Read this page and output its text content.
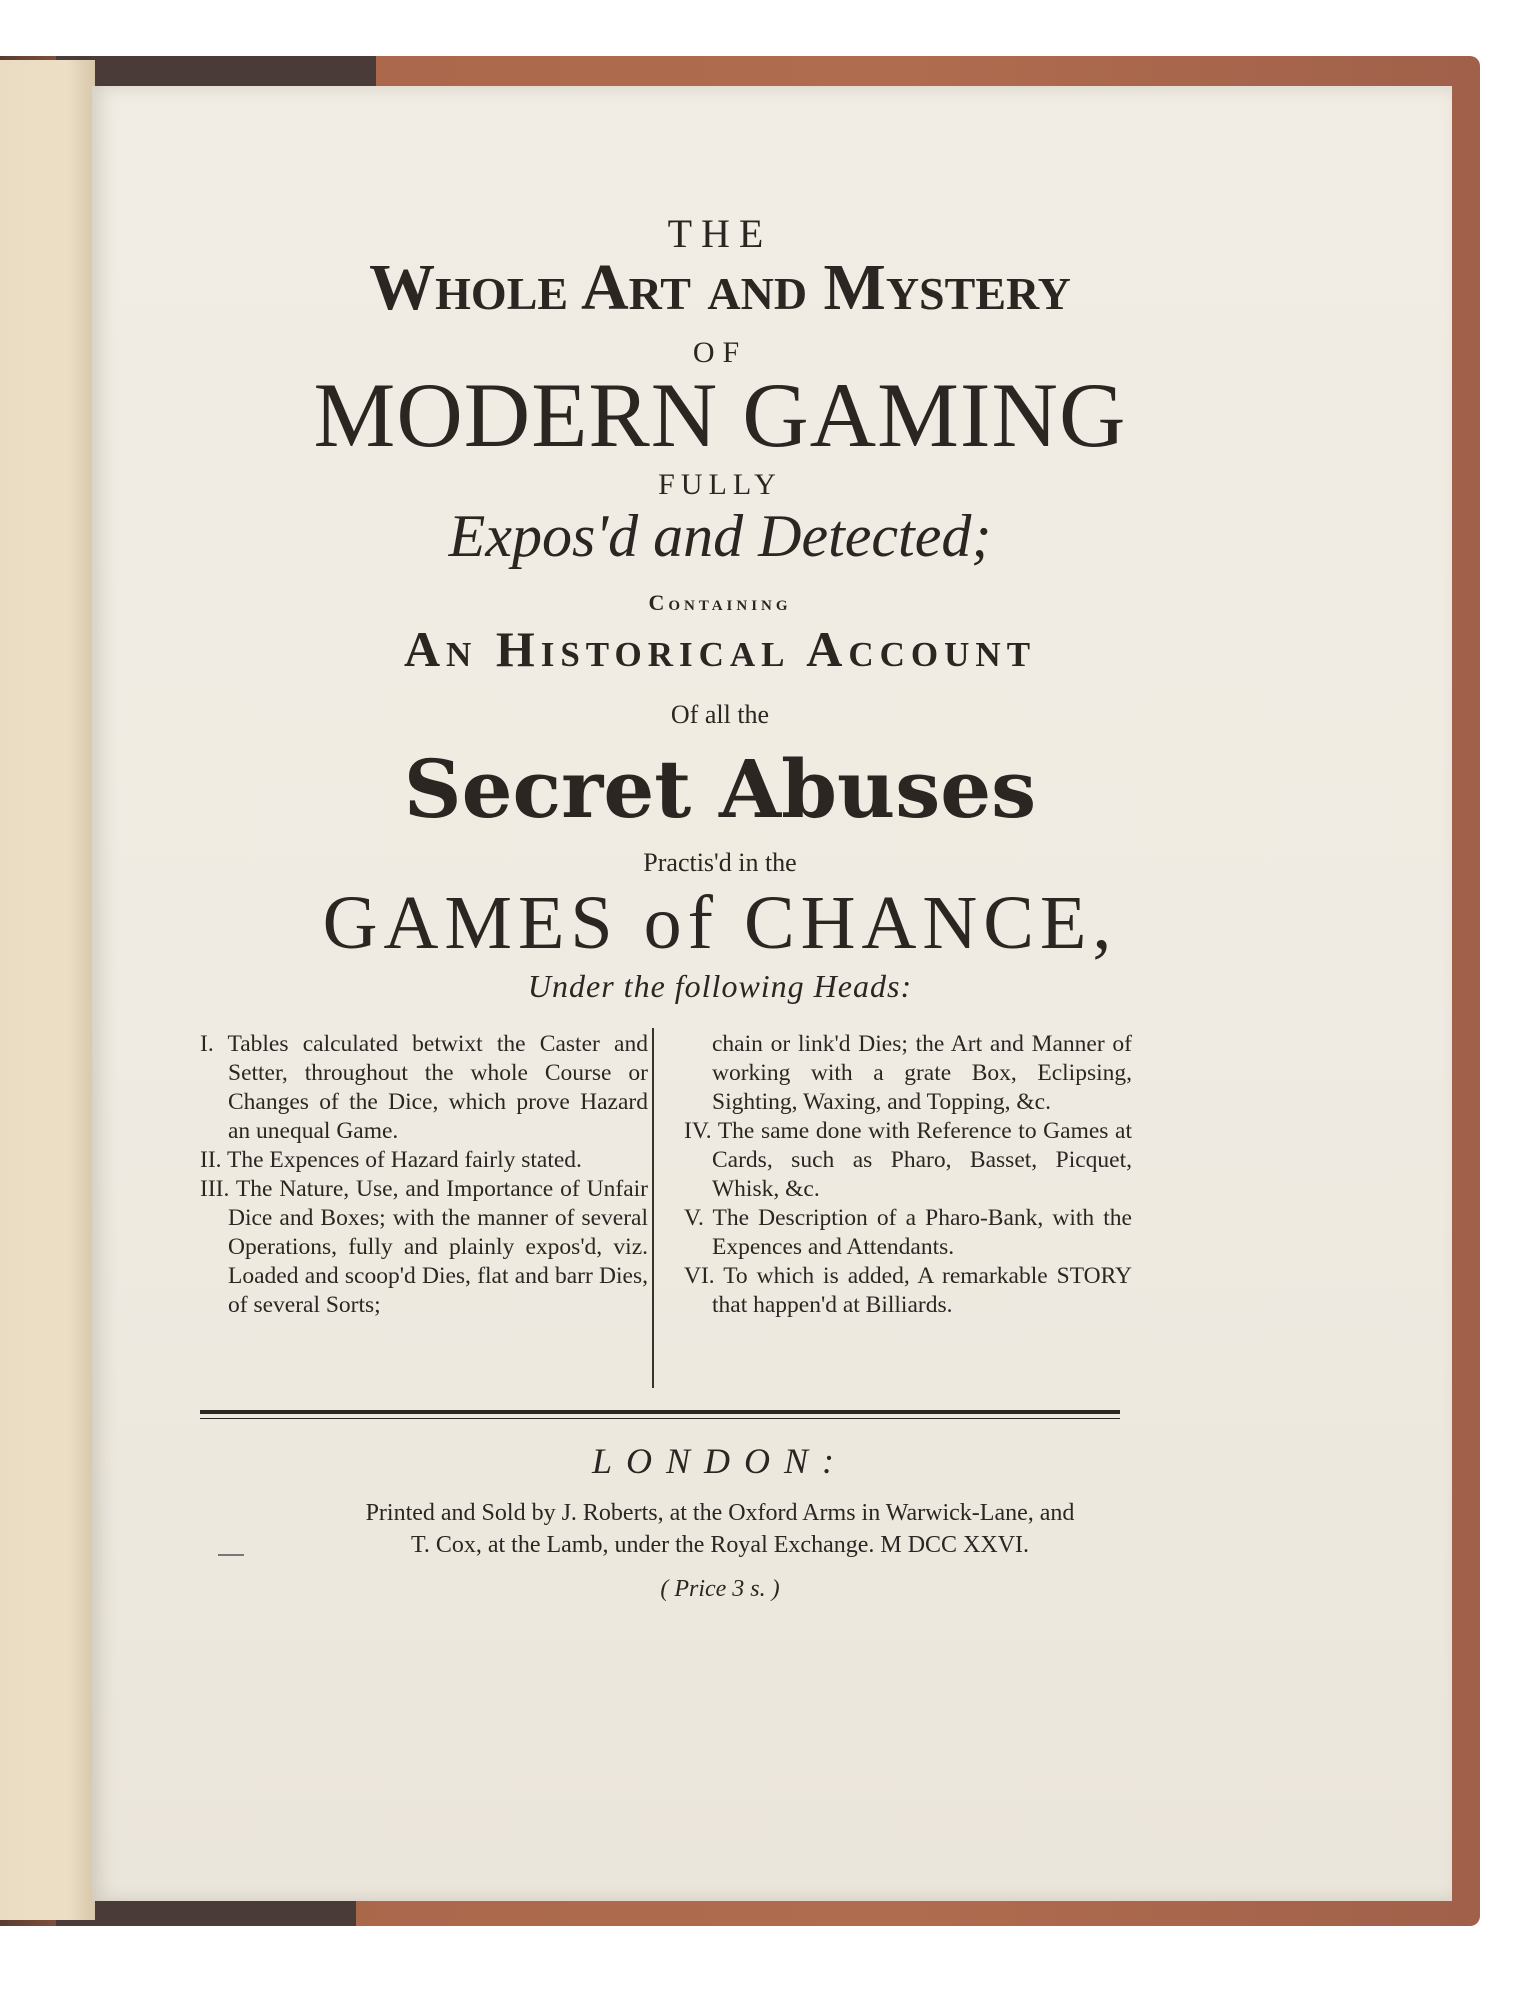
THE
Whole Art and Mystery
OF
MODERN GAMING
FULLY
Expos'd and Detected;
Containing
An Historical Account
Of all the
Secret Abuses
Practis'd in the
GAMES of CHANCE,
Under the following Heads:

I. Tables calculated betwixt the Caster and Setter, throughout the whole Course or Changes of the Dice, which prove Hazard an unequal Game.

II. The Expences of Hazard fairly stated.

III. The Nature, Use, and Importance of Unfair Dice and Boxes; with the manner of several Operations, fully and plainly expos'd, viz. Loaded and scoop'd Dies, flat and barr Dies, of several Sorts;

chain or link'd Dies; the Art and Manner of working with a grate Box, Eclipsing, Sighting, Waxing, and Topping, &c.

IV. The same done with Reference to Games at Cards, such as Pharo, Basset, Picquet, Whisk, &c.

V. The Description of a Pharo-Bank, with the Expences and Attendants.

VI. To which is added, A remarkable STORY that happen'd at Billiards.

LONDON:
Printed and Sold by J. Roberts, at the Oxford Arms in Warwick-Lane, and
T. Cox, at the Lamb, under the Royal Exchange. M DCC XXVI.
( Price 3 s. )
